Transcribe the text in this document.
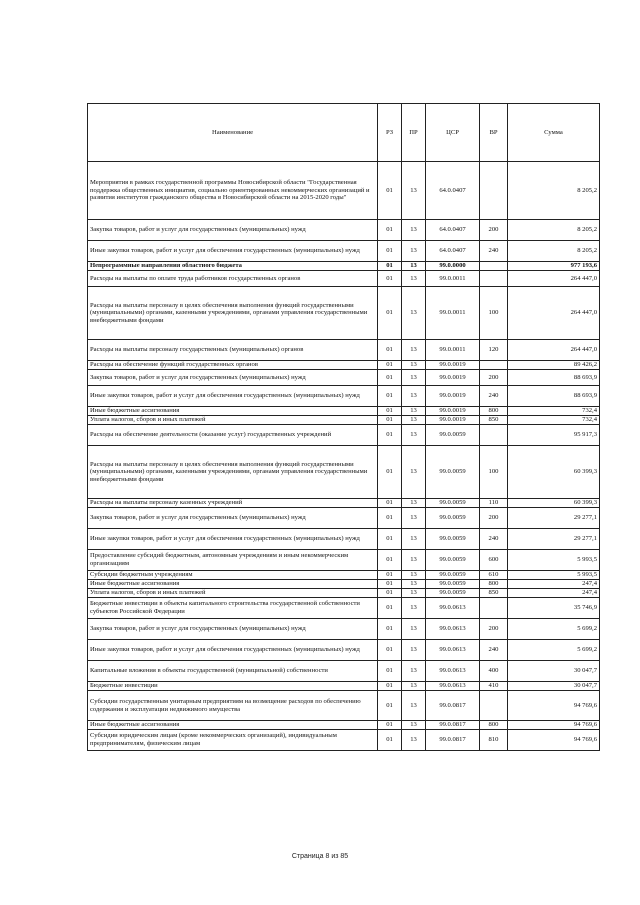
Наименование	РЗ	ПР	ЦСР	ВР	Сумма
Мероприятия в рамках государственной программы Новосибирской области "Государственная поддержка общественных инициатив, социально ориентированных некоммерческих организаций и развития институтов гражданского общества в Новосибирской области на 2015-2020 годы"	01	13	64.0.0407		8 205,2
Закупка товаров, работ и услуг для государственных (муниципальных) нужд	01	13	64.0.0407	200	8 205,2
Иные закупки товаров, работ и услуг для обеспечения государственных (муниципальных) нужд	01	13	64.0.0407	240	8 205,2
Непрограммные направления областного бюджета	01	13	99.0.0000		977 193,6
Расходы на выплаты по оплате труда работников государственных органов	01	13	99.0.0011		264 447,0
Расходы на выплаты персоналу в целях обеспечения выполнения функций государственными (муниципальными) органами, казенными учреждениями, органами управления государственными внебюджетными фондами	01	13	99.0.0011	100	264 447,0
Расходы на выплаты персоналу государственных (муниципальных) органов	01	13	99.0.0011	120	264 447,0
Расходы на обеспечение функций государственных органов	01	13	99.0.0019		89 426,2
Закупка товаров, работ и услуг для государственных (муниципальных) нужд	01	13	99.0.0019	200	88 693,9
Иные закупки товаров, работ и услуг для обеспечения государственных (муниципальных) нужд	01	13	99.0.0019	240	88 693,9
Иные бюджетные ассигнования	01	13	99.0.0019	800	732,4
Уплата налогов, сборов и иных платежей	01	13	99.0.0019	850	732,4
Расходы на обеспечение деятельности (оказание услуг) государственных учреждений	01	13	99.0.0059		95 917,3
Расходы на выплаты персоналу в целях обеспечения выполнения функций государственными (муниципальными) органами, казенными учреждениями, органами управления государственными внебюджетными фондами	01	13	99.0.0059	100	60 399,3
Расходы на выплаты персоналу казенных учреждений	01	13	99.0.0059	110	60 399,3
Закупка товаров, работ и услуг для государственных (муниципальных) нужд	01	13	99.0.0059	200	29 277,1
Иные закупки товаров, работ и услуг для обеспечения государственных (муниципальных) нужд	01	13	99.0.0059	240	29 277,1
Предоставление субсидий бюджетным, автономным учреждениям и иным некоммерческим организациям	01	13	99.0.0059	600	5 993,5
Субсидии бюджетным учреждениям	01	13	99.0.0059	610	5 993,5
Иные бюджетные ассигнования	01	13	99.0.0059	800	247,4
Уплата налогов, сборов и иных платежей	01	13	99.0.0059	850	247,4
Бюджетные инвестиции в объекты капитального строительства государственной собственности субъектов Российской Федерации	01	13	99.0.0613		35 746,9
Закупка товаров, работ и услуг для государственных (муниципальных) нужд	01	13	99.0.0613	200	5 699,2
Иные закупки товаров, работ и услуг для обеспечения государственных (муниципальных) нужд	01	13	99.0.0613	240	5 699,2
Капитальные вложения в объекты государственной (муниципальной) собственности	01	13	99.0.0613	400	30 047,7
Бюджетные инвестиции	01	13	99.0.0613	410	30 047,7
Субсидии государственным унитарным предприятиям на возмещение расходов по обеспечению содержания и эксплуатации недвижимого имущества	01	13	99.0.0817		94 769,6
Иные бюджетные ассигнования	01	13	99.0.0817	800	94 769,6
Субсидии юридическим лицам (кроме некоммерческих организаций), индивидуальным предпринимателям, физическим лицам	01	13	99.0.0817	810	94 769,6
Страница 8 из 85
